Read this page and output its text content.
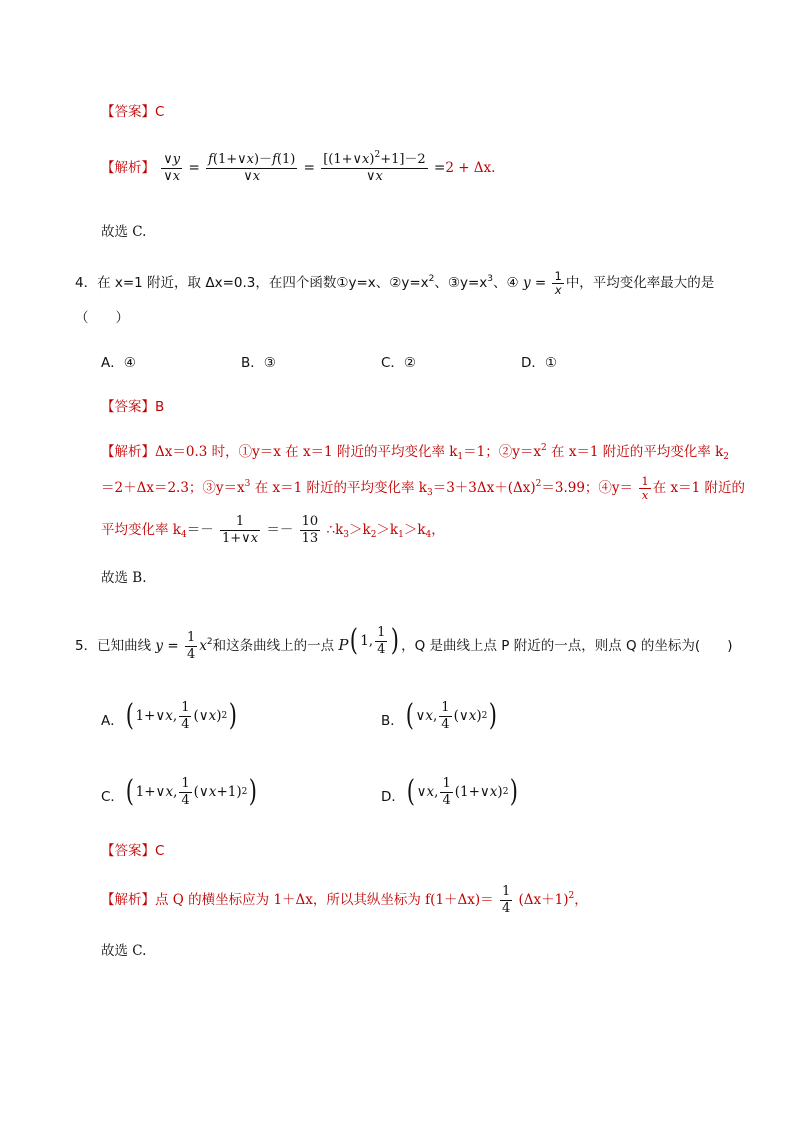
【答案】C
【解析】 $\frac{\vee y}{\vee x} = \frac{f(1+\vee x)-f(1)}{\vee x} = \frac{[(1+\vee x)^2+1]-2}{\vee x} =2 + \Delta x$.
故选 C.
4．在 x=1 附近，取 Δx=0.3，在四个函数①y=x、$②y=x^2$、$③y=x^3$、④ $y = \frac{1}{x}$ 中，平均变化率最大的是
（　　）
A．④	B．③	C．②	D．①
【答案】B
【解析】Δx＝0.3 时，①y＝x 在 x＝1 附近的平均变化率 $k_1=1$；$②y=x^2$ 在 x＝1 附近的平均变化率 $k_2$
＝2＋Δx＝2.3；$③y=x^3$ 在 x＝1 附近的平均变化率 $k_3=3+3\Delta x+(\Delta x)^2=3.99$；④y＝ $\frac{1}{x}$ 在 x＝1 附近的
平均变化率 $k_4=- \frac{1}{1+\vee x} =- \frac{10}{13}$ $\therefore k_3>k_2>k_1>k_4$，
故选 B.
5．已知曲线 $y = \frac{1}{4} x^2$和这条曲线上的一点 P ( 1, $\frac{1}{4}$ ) ，Q 是曲线上点 P 附近的一点，则点 Q 的坐标为(　　)
A． ( 1+∨ x , $\frac{1}{4}$ (∨ x ) 2 )	B． ( ∨ x , $\frac{1}{4}$ (∨ x ) 2 )
C． ( 1+∨ x , $\frac{1}{4}$ (∨ x +1) 2 )	D． ( ∨ x , $\frac{1}{4}$ (1+∨ x ) 2 )
【答案】C
【解析】点 Q 的横坐标应为 1＋Δx，所以其纵坐标为 $f(1+\Delta x)= \frac{1}{4} (\Delta x+1)^2$，
故选 C.
